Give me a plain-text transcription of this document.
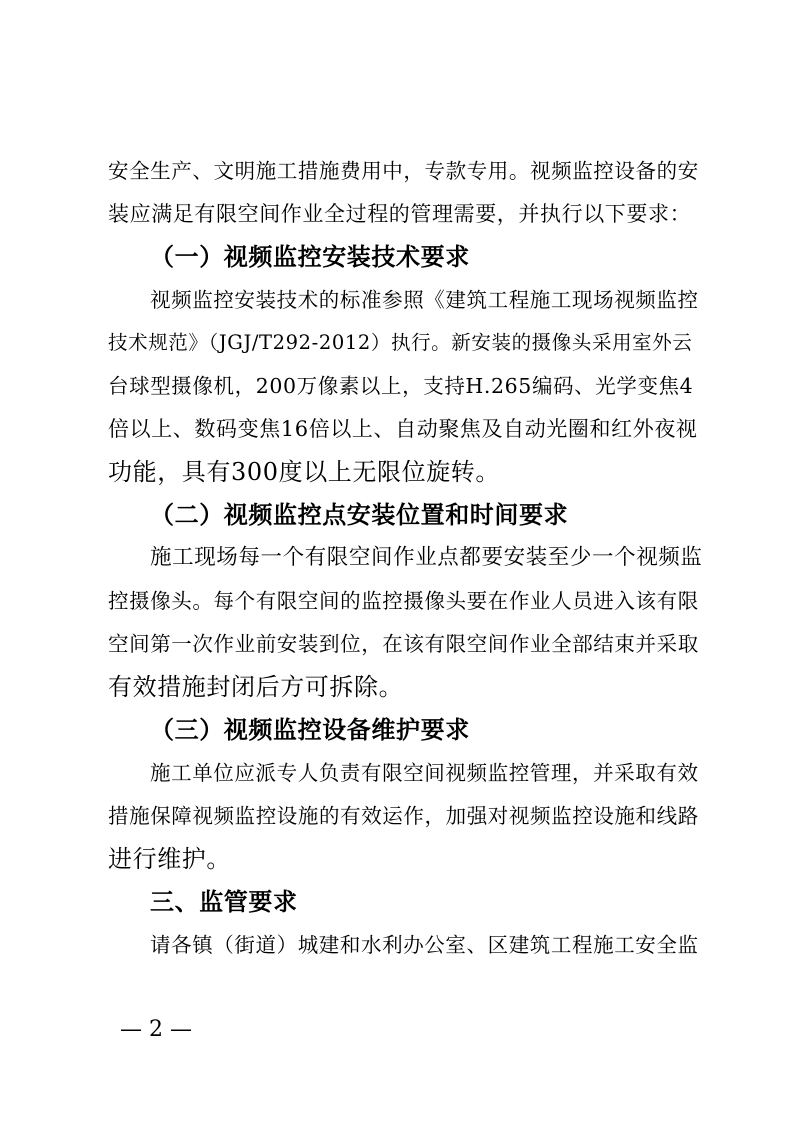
安全生产、文明施工措施费用中，专款专用。视频监控设备的安
装应满足有限空间作业全过程的管理需要，并执行以下要求：
（一）视频监控安装技术要求
视频监控安装技术的标准参照《建筑工程施工现场视频监控
技术规范》（JGJ/T292-2012）执行。新安装的摄像头采用室外云
台球型摄像机，200万像素以上，支持H.265编码、光学变焦4
倍以上、数码变焦16倍以上、自动聚焦及自动光圈和红外夜视
功能，具有300度以上无限位旋转。
（二）视频监控点安装位置和时间要求
施工现场每一个有限空间作业点都要安装至少一个视频监
控摄像头。每个有限空间的监控摄像头要在作业人员进入该有限
空间第一次作业前安装到位，在该有限空间作业全部结束并采取
有效措施封闭后方可拆除。
（三）视频监控设备维护要求
施工单位应派专人负责有限空间视频监控管理，并采取有效
措施保障视频监控设施的有效运作，加强对视频监控设施和线路
进行维护。
三、监管要求
请各镇（街道）城建和水利办公室、区建筑工程施工安全监
— 2 —
